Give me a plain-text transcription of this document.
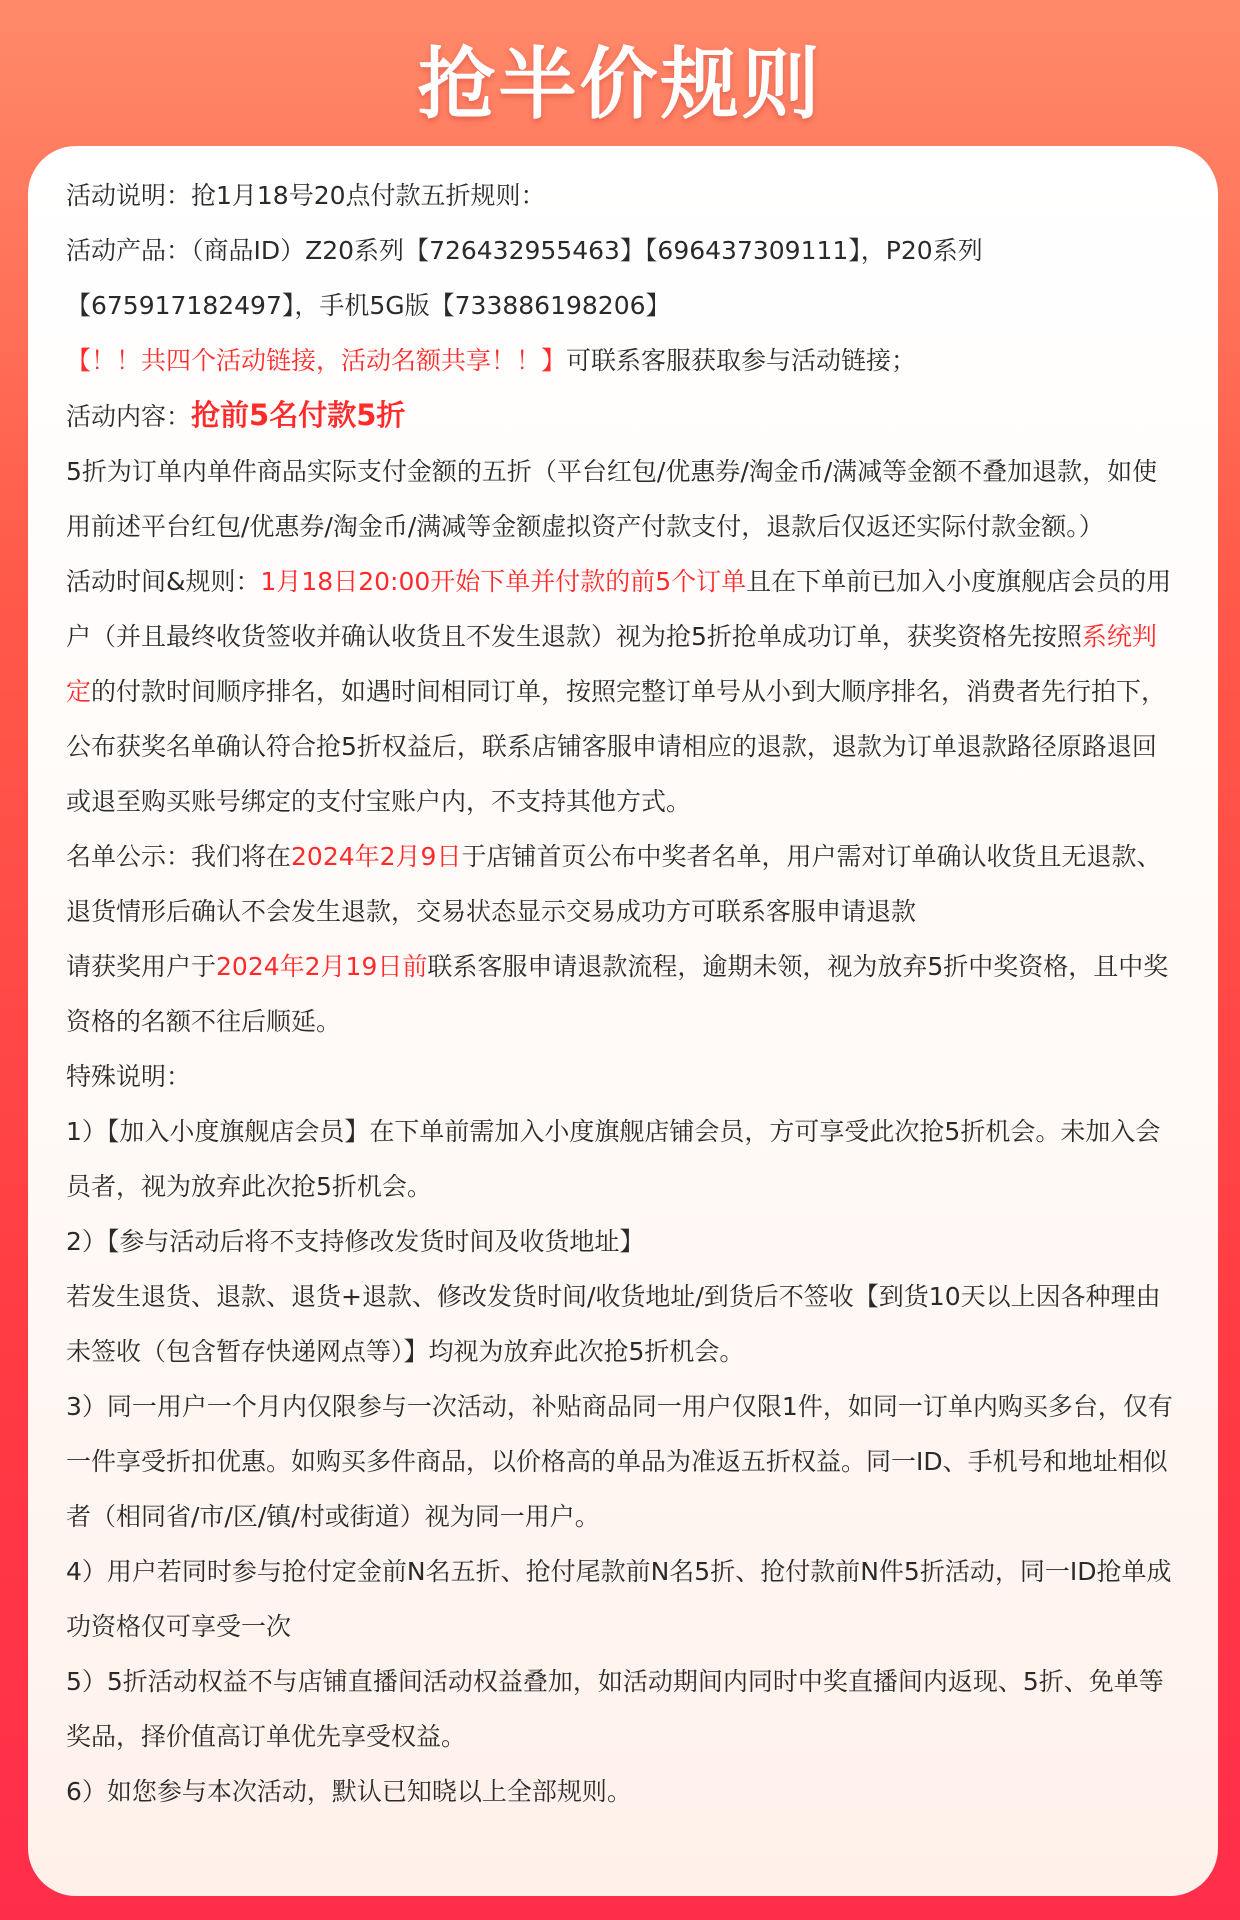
抢半价规则

活动说明：抢1月18号20点付款五折规则：

活动产品：（商品ID）Z20系列【726432955463】【696437309111】，P20系列

【675917182497】，手机5G版【733886198206】

【！！共四个活动链接，活动名额共享！！】可联系客服获取参与活动链接；

活动内容：抢前5名付款5折

5折为订单内单件商品实际支付金额的五折（平台红包/优惠券/淘金币/满减等金额不叠加退款，如使

用前述平台红包/优惠券/淘金币/满减等金额虚拟资产付款支付，退款后仅返还实际付款金额。）

活动时间&规则：1月18日20:00开始下单并付款的前5个订单且在下单前已加入小度旗舰店会员的用

户（并且最终收货签收并确认收货且不发生退款）视为抢5折抢单成功订单，获奖资格先按照系统判

定的付款时间顺序排名，如遇时间相同订单，按照完整订单号从小到大顺序排名，消费者先行拍下，

公布获奖名单确认符合抢5折权益后，联系店铺客服申请相应的退款，退款为订单退款路径原路退回

或退至购买账号绑定的支付宝账户内，不支持其他方式。

名单公示：我们将在2024年2月9日于店铺首页公布中奖者名单，用户需对订单确认收货且无退款、

退货情形后确认不会发生退款，交易状态显示交易成功方可联系客服申请退款

请获奖用户于2024年2月19日前联系客服申请退款流程，逾期未领，视为放弃5折中奖资格，且中奖

资格的名额不往后顺延。

特殊说明：

1）【加入小度旗舰店会员】在下单前需加入小度旗舰店铺会员，方可享受此次抢5折机会。未加入会

员者，视为放弃此次抢5折机会。

2）【参与活动后将不支持修改发货时间及收货地址】

若发生退货、退款、退货+退款、修改发货时间/收货地址/到货后不签收【到货10天以上因各种理由

未签收（包含暂存快递网点等）】均视为放弃此次抢5折机会。

3）同一用户一个月内仅限参与一次活动，补贴商品同一用户仅限1件，如同一订单内购买多台，仅有

一件享受折扣优惠。如购买多件商品，以价格高的单品为准返五折权益。同一ID、手机号和地址相似

者（相同省/市/区/镇/村或街道）视为同一用户。

4）用户若同时参与抢付定金前N名五折、抢付尾款前N名5折、抢付款前N件5折活动，同一ID抢单成

功资格仅可享受一次

5）5折活动权益不与店铺直播间活动权益叠加，如活动期间内同时中奖直播间内返现、5折、免单等

奖品，择价值高订单优先享受权益。

6）如您参与本次活动，默认已知晓以上全部规则。
